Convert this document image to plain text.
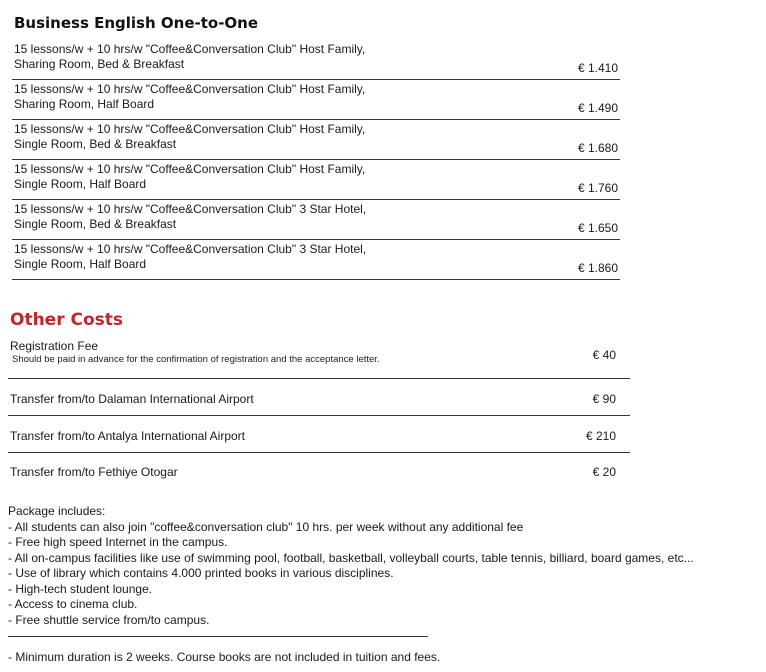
Business English One-to-One
15 lessons/w + 10 hrs/w "Coffee&Conversation Club" Host Family,
Sharing Room, Bed & Breakfast	€ 1.410
15 lessons/w + 10 hrs/w "Coffee&Conversation Club" Host Family,
Sharing Room, Half Board	€ 1.490
15 lessons/w + 10 hrs/w "Coffee&Conversation Club" Host Family,
Single Room, Bed & Breakfast	€ 1.680
15 lessons/w + 10 hrs/w "Coffee&Conversation Club" Host Family,
Single Room, Half Board	€ 1.760
15 lessons/w + 10 hrs/w "Coffee&Conversation Club" 3 Star Hotel,
Single Room, Bed & Breakfast	€ 1.650
15 lessons/w + 10 hrs/w "Coffee&Conversation Club" 3 Star Hotel,
Single Room, Half Board	€ 1.860
Other Costs
Registration Fee
Should be paid in advance for the confirmation of registration and the acceptance letter.	€ 40
Transfer from/to Dalaman International Airport	€ 90
Transfer from/to Antalya International Airport	€ 210
Transfer from/to Fethiye Otogar	€ 20
Package includes:
- All students can also join "coffee&conversation club" 10 hrs. per week without any additional fee
- Free high speed Internet in the campus.
- All on-campus facilities like use of swimming pool, football, basketball, volleyball courts, table tennis, billiard, board games, etc...
- Use of library which contains 4.000 printed books in various disciplines.
- High-tech student lounge.
- Access to cinema club.
- Free shuttle service from/to campus.
- Minimum duration is 2 weeks. Course books are not included in tuition and fees.
